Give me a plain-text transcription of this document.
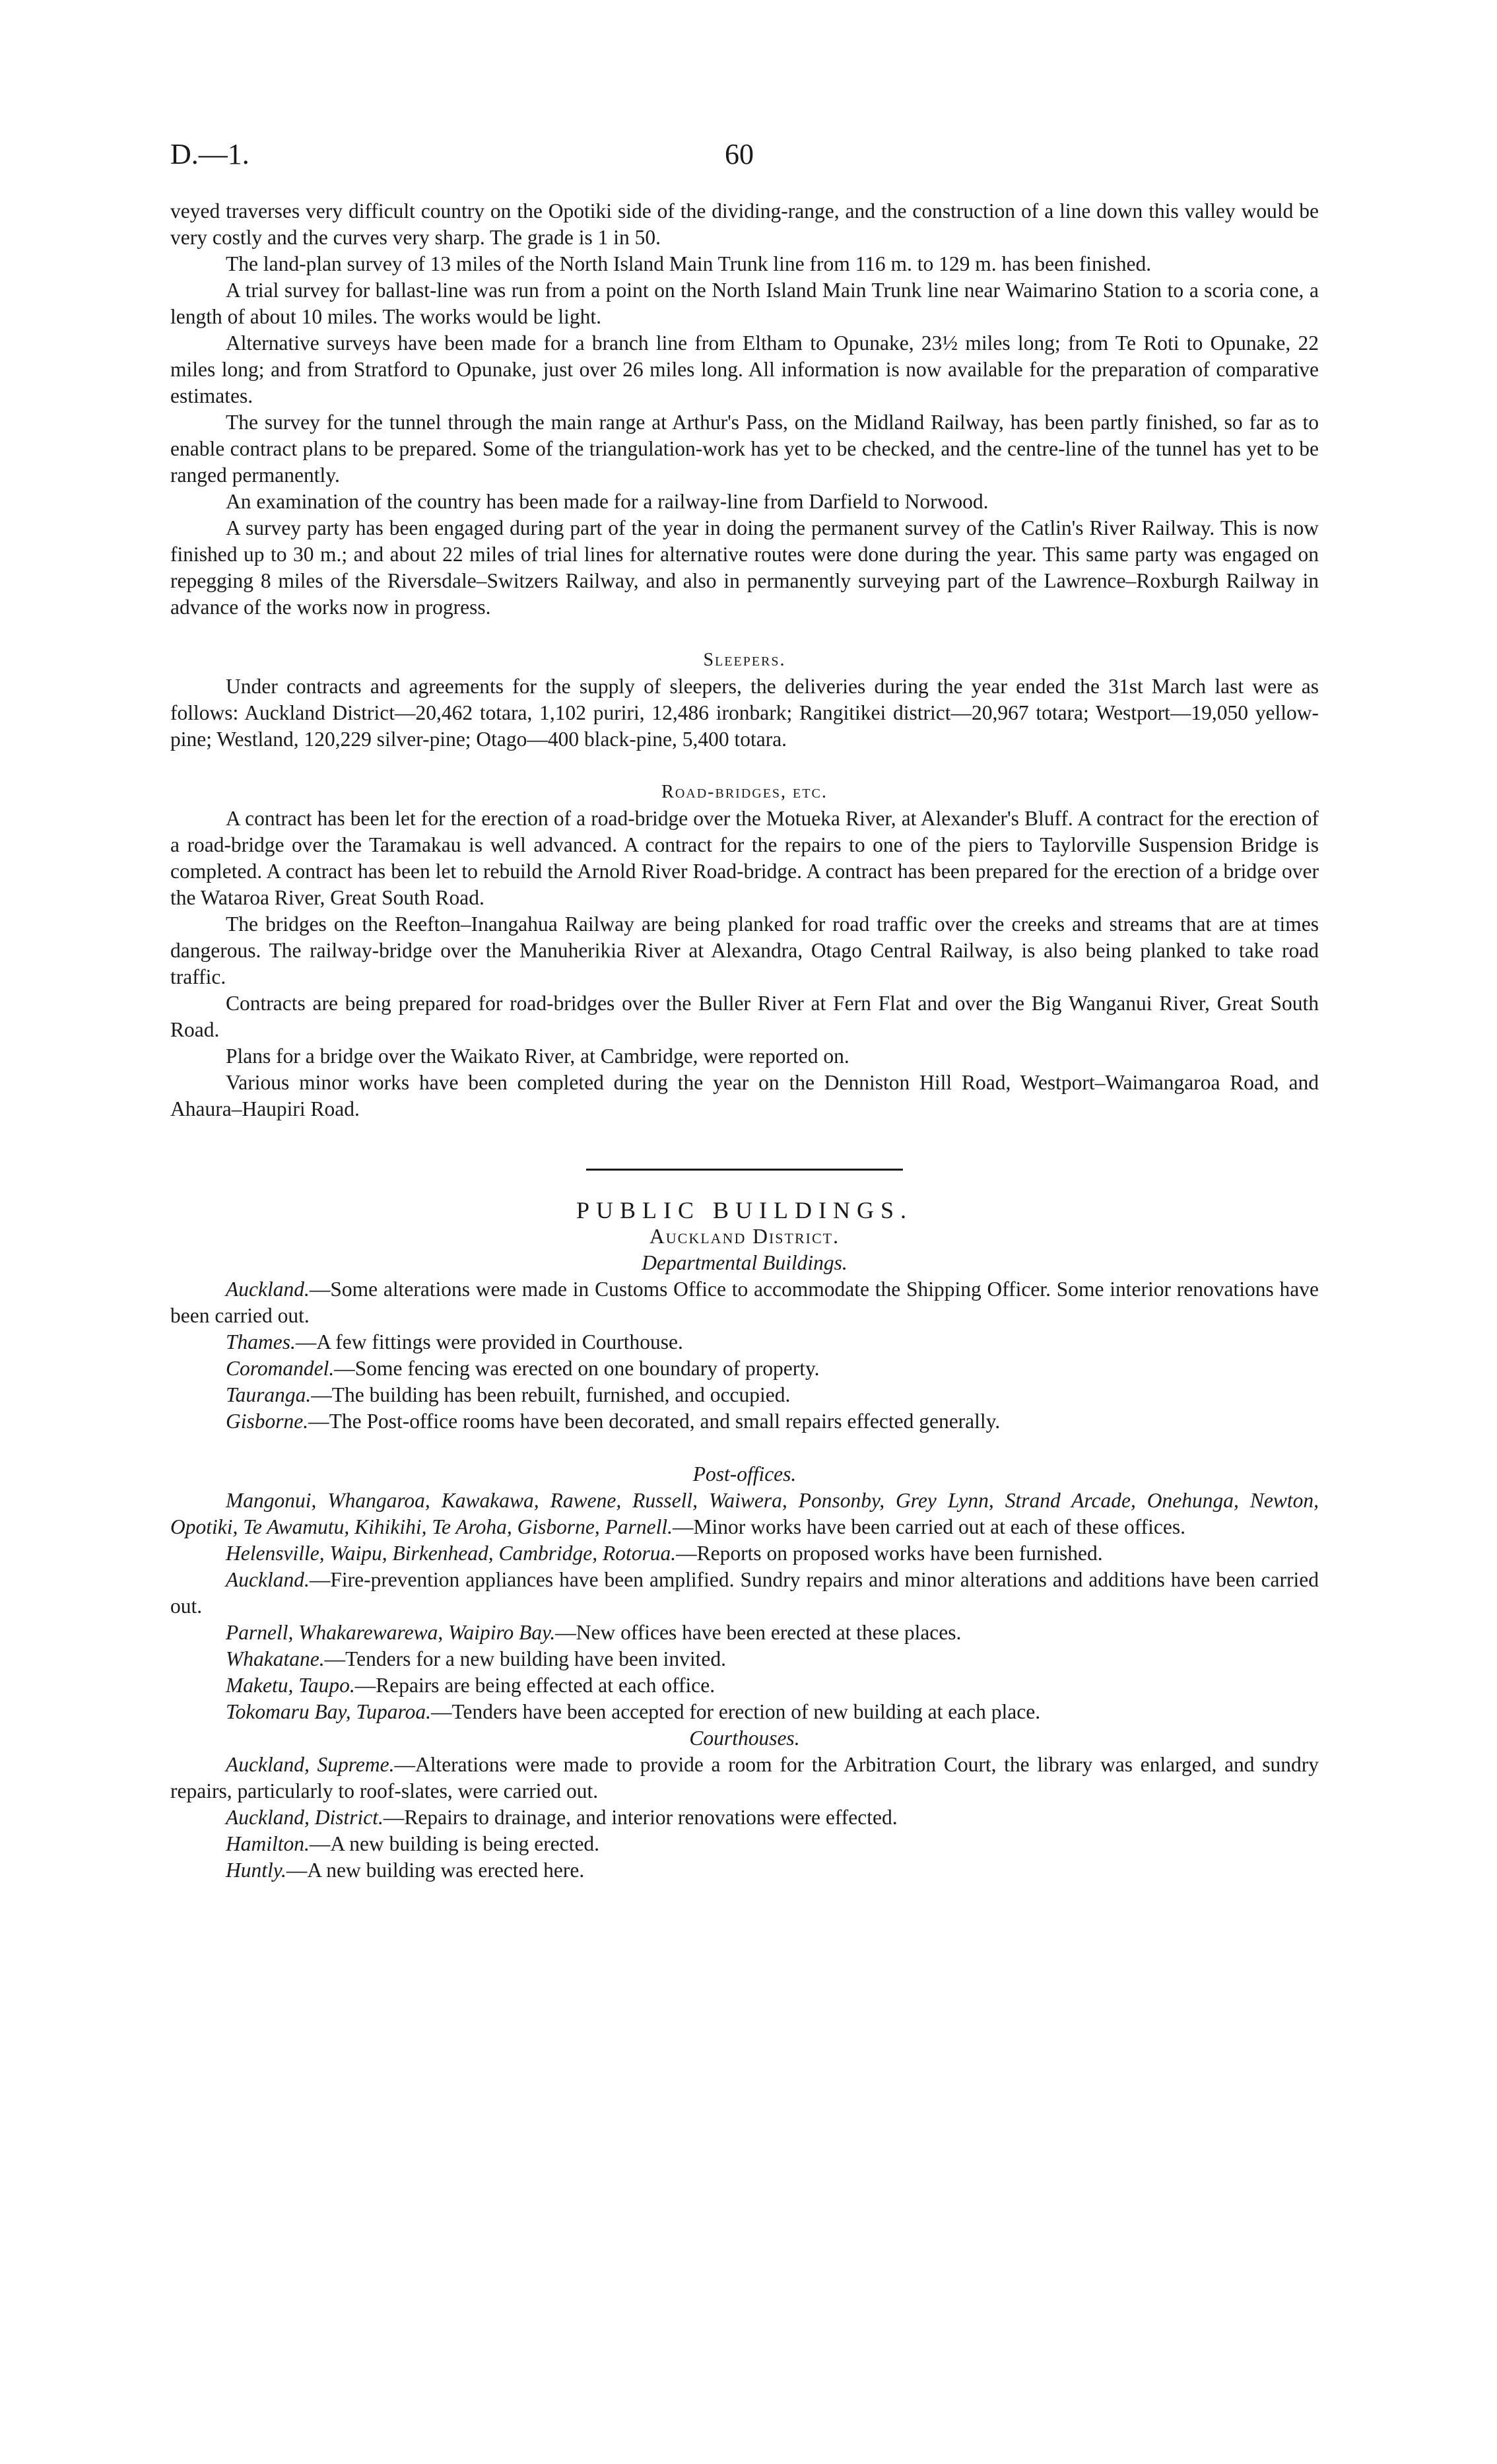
D.—1.	60

veyed traverses very difficult country on the Opotiki side of the dividing-range, and the construction of a line down this valley would be very costly and the curves very sharp. The grade is 1 in 50.

The land-plan survey of 13 miles of the North Island Main Trunk line from 116 m. to 129 m. has been finished.

A trial survey for ballast-line was run from a point on the North Island Main Trunk line near Waimarino Station to a scoria cone, a length of about 10 miles. The works would be light.

Alternative surveys have been made for a branch line from Eltham to Opunake, 23½ miles long; from Te Roti to Opunake, 22 miles long; and from Stratford to Opunake, just over 26 miles long. All information is now available for the preparation of comparative estimates.

The survey for the tunnel through the main range at Arthur's Pass, on the Midland Railway, has been partly finished, so far as to enable contract plans to be prepared. Some of the triangulation-work has yet to be checked, and the centre-line of the tunnel has yet to be ranged permanently.

An examination of the country has been made for a railway-line from Darfield to Norwood.

A survey party has been engaged during part of the year in doing the permanent survey of the Catlin's River Railway. This is now finished up to 30 m.; and about 22 miles of trial lines for alternative routes were done during the year. This same party was engaged on repegging 8 miles of the Riversdale–Switzers Railway, and also in permanently surveying part of the Lawrence–Roxburgh Railway in advance of the works now in progress.

Sleepers.

Under contracts and agreements for the supply of sleepers, the deliveries during the year ended the 31st March last were as follows: Auckland District—20,462 totara, 1,102 puriri, 12,486 ironbark; Rangitikei district—20,967 totara; Westport—19,050 yellow-pine; Westland, 120,229 silver-pine; Otago—400 black-pine, 5,400 totara.

Road-bridges, etc.

A contract has been let for the erection of a road-bridge over the Motueka River, at Alexander's Bluff. A contract for the erection of a road-bridge over the Taramakau is well advanced. A contract for the repairs to one of the piers to Taylorville Suspension Bridge is completed. A contract has been let to rebuild the Arnold River Road-bridge. A contract has been prepared for the erection of a bridge over the Wataroa River, Great South Road.

The bridges on the Reefton–Inangahua Railway are being planked for road traffic over the creeks and streams that are at times dangerous. The railway-bridge over the Manuherikia River at Alexandra, Otago Central Railway, is also being planked to take road traffic.

Contracts are being prepared for road-bridges over the Buller River at Fern Flat and over the Big Wanganui River, Great South Road.

Plans for a bridge over the Waikato River, at Cambridge, were reported on.

Various minor works have been completed during the year on the Denniston Hill Road, Westport–Waimangaroa Road, and Ahaura–Haupiri Road.

PUBLIC BUILDINGS.

Auckland District.

Departmental Buildings.

Auckland.—Some alterations were made in Customs Office to accommodate the Shipping Officer. Some interior renovations have been carried out.

Thames.—A few fittings were provided in Courthouse.

Coromandel.—Some fencing was erected on one boundary of property.

Tauranga.—The building has been rebuilt, furnished, and occupied.

Gisborne.—The Post-office rooms have been decorated, and small repairs effected generally.

Post-offices.

Mangonui, Whangaroa, Kawakawa, Rawene, Russell, Waiwera, Ponsonby, Grey Lynn, Strand Arcade, Onehunga, Newton, Opotiki, Te Awamutu, Kihikihi, Te Aroha, Gisborne, Parnell.—Minor works have been carried out at each of these offices.

Helensville, Waipu, Birkenhead, Cambridge, Rotorua.—Reports on proposed works have been furnished.

Auckland.—Fire-prevention appliances have been amplified. Sundry repairs and minor alterations and additions have been carried out.

Parnell, Whakarewarewa, Waipiro Bay.—New offices have been erected at these places.

Whakatane.—Tenders for a new building have been invited.

Maketu, Taupo.—Repairs are being effected at each office.

Tokomaru Bay, Tuparoa.—Tenders have been accepted for erection of new building at each place.

Courthouses.

Auckland, Supreme.—Alterations were made to provide a room for the Arbitration Court, the library was enlarged, and sundry repairs, particularly to roof-slates, were carried out.

Auckland, District.—Repairs to drainage, and interior renovations were effected.

Hamilton.—A new building is being erected.

Huntly.—A new building was erected here.
